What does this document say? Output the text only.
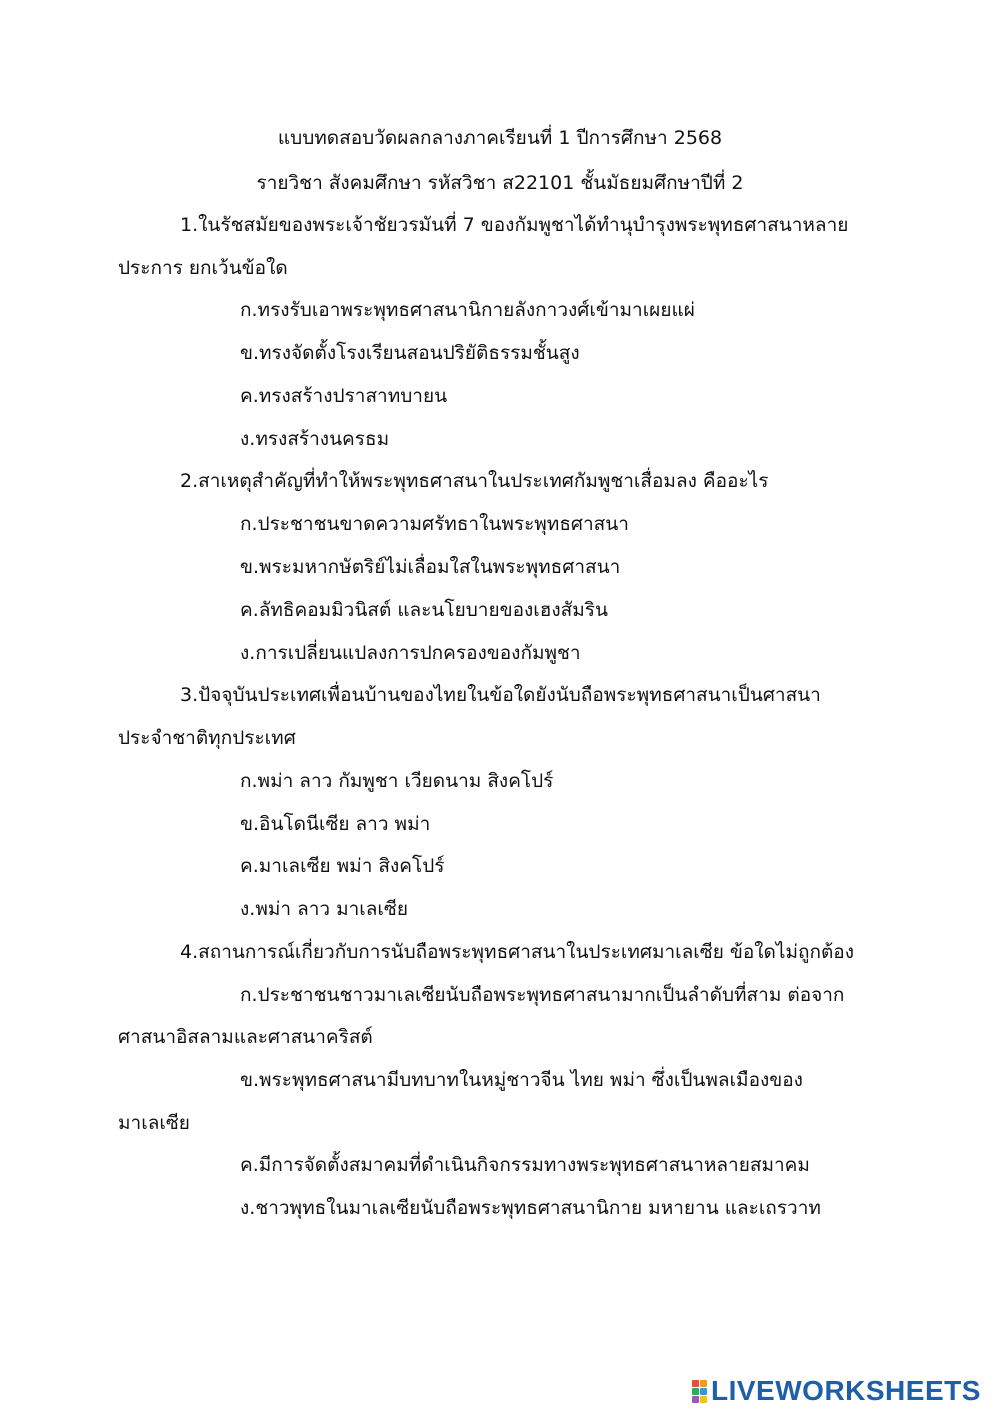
แบบทดสอบวัดผลกลางภาคเรียนที่ 1 ปีการศึกษา 2568
รายวิชา สังคมศึกษา รหัสวิชา ส22101 ชั้นมัธยมศึกษาปีที่ 2
1.ในรัชสมัยของพระเจ้าชัยวรมันที่ 7 ของกัมพูชาได้ทำนุบำรุงพระพุทธศาสนาหลาย
ประการ ยกเว้นข้อใด
ก.ทรงรับเอาพระพุทธศาสนานิกายลังกาวงศ์เข้ามาเผยแผ่
ข.ทรงจัดตั้งโรงเรียนสอนปริยัติธรรมชั้นสูง
ค.ทรงสร้างปราสาทบายน
ง.ทรงสร้างนครธม
2.สาเหตุสำคัญที่ทำให้พระพุทธศาสนาในประเทศกัมพูชาเสื่อมลง คืออะไร
ก.ประชาชนขาดความศรัทธาในพระพุทธศาสนา
ข.พระมหากษัตริย์ไม่เลื่อมใสในพระพุทธศาสนา
ค.ลัทธิคอมมิวนิสต์ และนโยบายของเฮงสัมริน
ง.การเปลี่ยนแปลงการปกครองของกัมพูชา
3.ปัจจุบันประเทศเพื่อนบ้านของไทยในข้อใดยังนับถือพระพุทธศาสนาเป็นศาสนา
ประจำชาติทุกประเทศ
ก.พม่า ลาว กัมพูชา เวียดนาม สิงคโปร์
ข.อินโดนีเซีย ลาว พม่า
ค.มาเลเซีย พม่า สิงคโปร์
ง.พม่า ลาว มาเลเซีย
4.สถานการณ์เกี่ยวกับการนับถือพระพุทธศาสนาในประเทศมาเลเซีย ข้อใดไม่ถูกต้อง
ก.ประชาชนชาวมาเลเซียนับถือพระพุทธศาสนามากเป็นลำดับที่สาม ต่อจาก
ศาสนาอิสลามและศาสนาคริสต์
ข.พระพุทธศาสนามีบทบาทในหมู่ชาวจีน ไทย พม่า ซึ่งเป็นพลเมืองของ
มาเลเซีย
ค.มีการจัดตั้งสมาคมที่ดำเนินกิจกรรมทางพระพุทธศาสนาหลายสมาคม
ง.ชาวพุทธในมาเลเซียนับถือพระพุทธศาสนานิกาย มหายาน และเถรวาท
LIVEWORKSHEETS
